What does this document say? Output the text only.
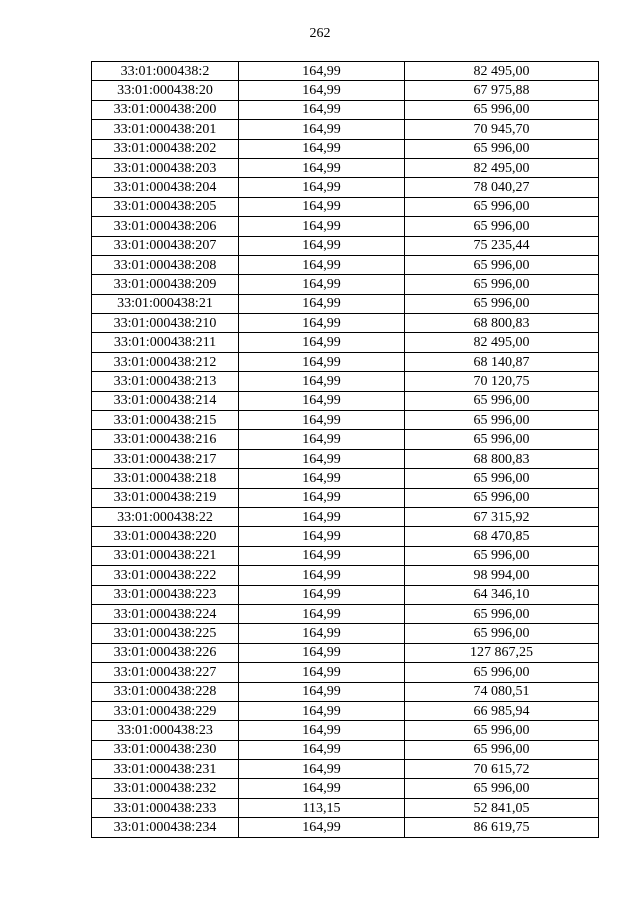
262
33:01:000438:2	164,99	82 495,00
33:01:000438:20	164,99	67 975,88
33:01:000438:200	164,99	65 996,00
33:01:000438:201	164,99	70 945,70
33:01:000438:202	164,99	65 996,00
33:01:000438:203	164,99	82 495,00
33:01:000438:204	164,99	78 040,27
33:01:000438:205	164,99	65 996,00
33:01:000438:206	164,99	65 996,00
33:01:000438:207	164,99	75 235,44
33:01:000438:208	164,99	65 996,00
33:01:000438:209	164,99	65 996,00
33:01:000438:21	164,99	65 996,00
33:01:000438:210	164,99	68 800,83
33:01:000438:211	164,99	82 495,00
33:01:000438:212	164,99	68 140,87
33:01:000438:213	164,99	70 120,75
33:01:000438:214	164,99	65 996,00
33:01:000438:215	164,99	65 996,00
33:01:000438:216	164,99	65 996,00
33:01:000438:217	164,99	68 800,83
33:01:000438:218	164,99	65 996,00
33:01:000438:219	164,99	65 996,00
33:01:000438:22	164,99	67 315,92
33:01:000438:220	164,99	68 470,85
33:01:000438:221	164,99	65 996,00
33:01:000438:222	164,99	98 994,00
33:01:000438:223	164,99	64 346,10
33:01:000438:224	164,99	65 996,00
33:01:000438:225	164,99	65 996,00
33:01:000438:226	164,99	127 867,25
33:01:000438:227	164,99	65 996,00
33:01:000438:228	164,99	74 080,51
33:01:000438:229	164,99	66 985,94
33:01:000438:23	164,99	65 996,00
33:01:000438:230	164,99	65 996,00
33:01:000438:231	164,99	70 615,72
33:01:000438:232	164,99	65 996,00
33:01:000438:233	113,15	52 841,05
33:01:000438:234	164,99	86 619,75
